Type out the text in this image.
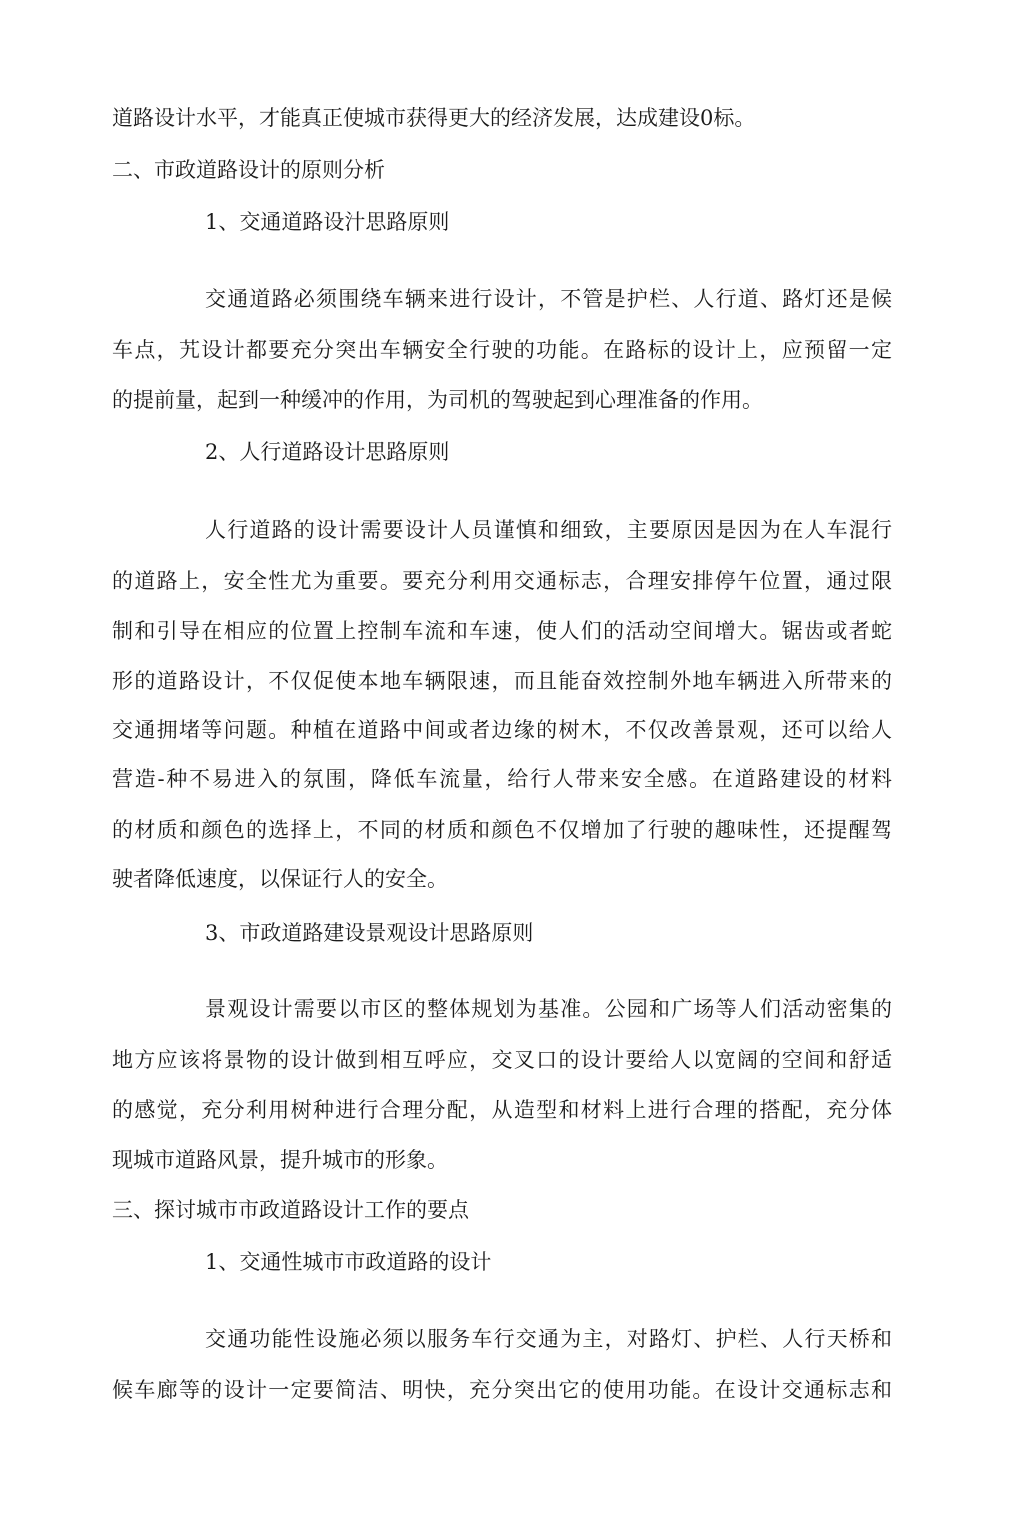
道路设计水平，才能真正使城市获得更大的经济发展，达成建设0标。
二、市政道路设计的原则分析
1、交通道路设汁思路原则
交通道路必须围绕车辆来进行设计，不管是护栏、人行道、路灯还是候
车点，艽设计都要充分突出车辆安全行驶的功能。在路标的设计上，应预留一定
的提前量，起到一种缓冲的作用，为司机的驾驶起到心理准备的作用。
2、人行道路设计思路原则
人行道路的设计需要设计人员谨慎和细致，主要原因是因为在人车混行
的道路上，安全性尤为重要。要充分利用交通标志，合理安排停午位置，通过限
制和引导在相应的位置上控制车流和车速，使人们的活动空间增大。锯齿或者蛇
形的道路设计，不仅促使本地车辆限速，而且能奋效控制外地车辆进入所带来的
交通拥堵等问题。种植在道路中间或者边缘的树木，不仅改善景观，还可以给人
营造-种不易进入的氛围，降低车流量，给行人带来安全感。在道路建设的材料
的材质和颜色的选择上，不同的材质和颜色不仅增加了行驶的趣味性，还提醒驾
驶者降低速度，以保证行人的安全。
3、市政道路建设景观设计思路原则
景观设计需要以市区的整体规划为基准。公园和广场等人们活动密集的
地方应该将景物的设计做到相互呼应，交叉口的设计要给人以宽阔的空间和舒适
的感觉，充分利用树种进行合理分配，从造型和材料上进行合理的搭配，充分体
现城市道路风景，提升城市的形象。
三、探讨城市市政道路设计工作的要点
1、交通性城市市政道路的设计
交通功能性设施必须以服务车行交通为主，对路灯、护栏、人行天桥和
候车廊等的设计一定要简洁、明快，充分突出它的使用功能。在设计交通标志和
